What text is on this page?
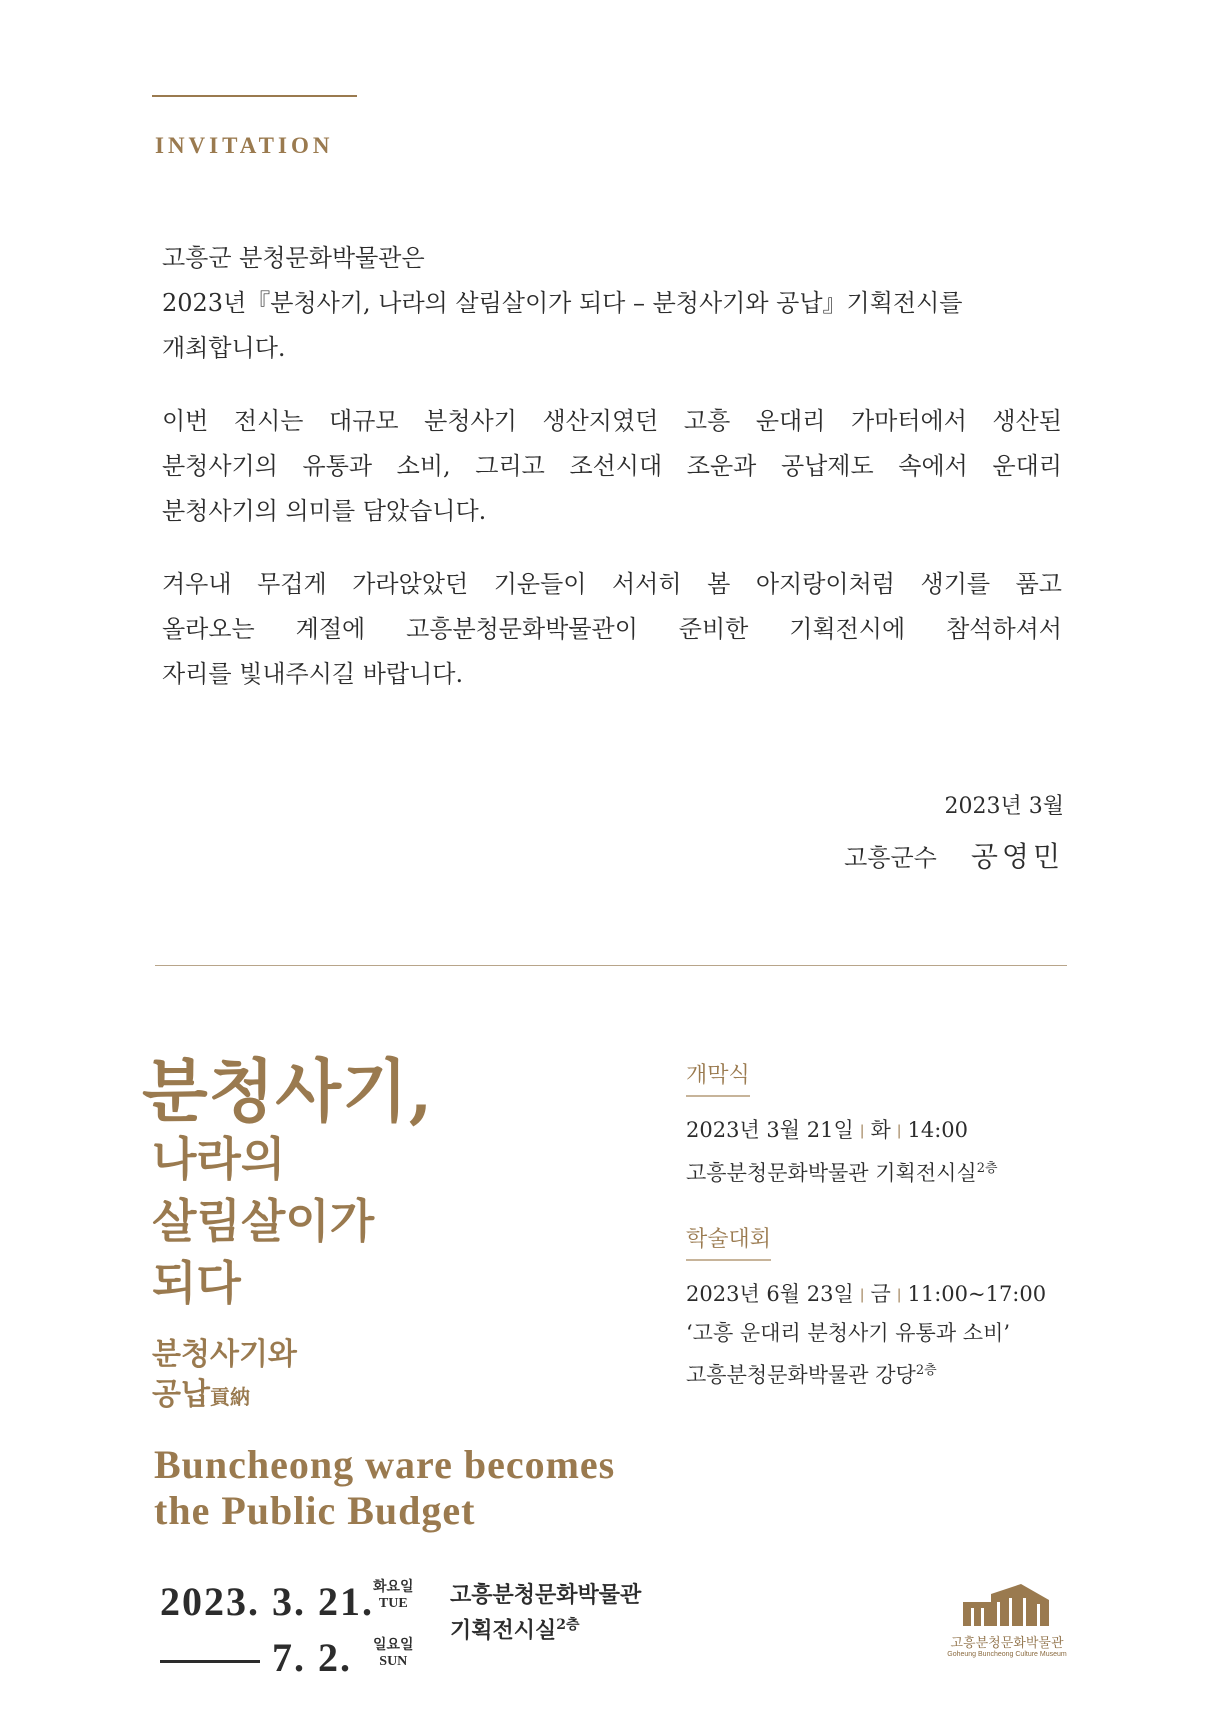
INVITATION

고흥군 분청문화박물관은
2023년『분청사기, 나라의 살림살이가 되다 – 분청사기와 공납』기획전시를
개최합니다.

이번 전시는 대규모 분청사기 생산지였던 고흥 운대리 가마터에서 생산된
분청사기의 유통과 소비, 그리고 조선시대 조운과 공납제도 속에서 운대리
분청사기의 의미를 담았습니다.

겨우내 무겁게 가라앉았던 기운들이 서서히 봄 아지랑이처럼 생기를 품고
올라오는 계절에 고흥분청문화박물관이 준비한 기획전시에 참석하셔서
자리를 빛내주시길 바랍니다.

2023년 3월
고흥군수 공영민
분청사기,
나라의
살림살이가
되다
분청사기와
공납貢納
Buncheong ware becomes
the Public Budget
2023. 3. 21. 화요일
TUE
7. 2. 일요일
SUN
고흥분청문화박물관
기획전시실$^{2층}$
개막식
2023년 3월 21일 | 화 | 14:00
고흥분청문화박물관 기획전시실$^{2층}$
학술대회
2023년 6월 23일 | 금 | 11:00~17:00
‘고흥 운대리 분청사기 유통과 소비’
고흥분청문화박물관 강당$^{2층}$
고흥분청문화박물관
Goheung Buncheong Culture Museum
